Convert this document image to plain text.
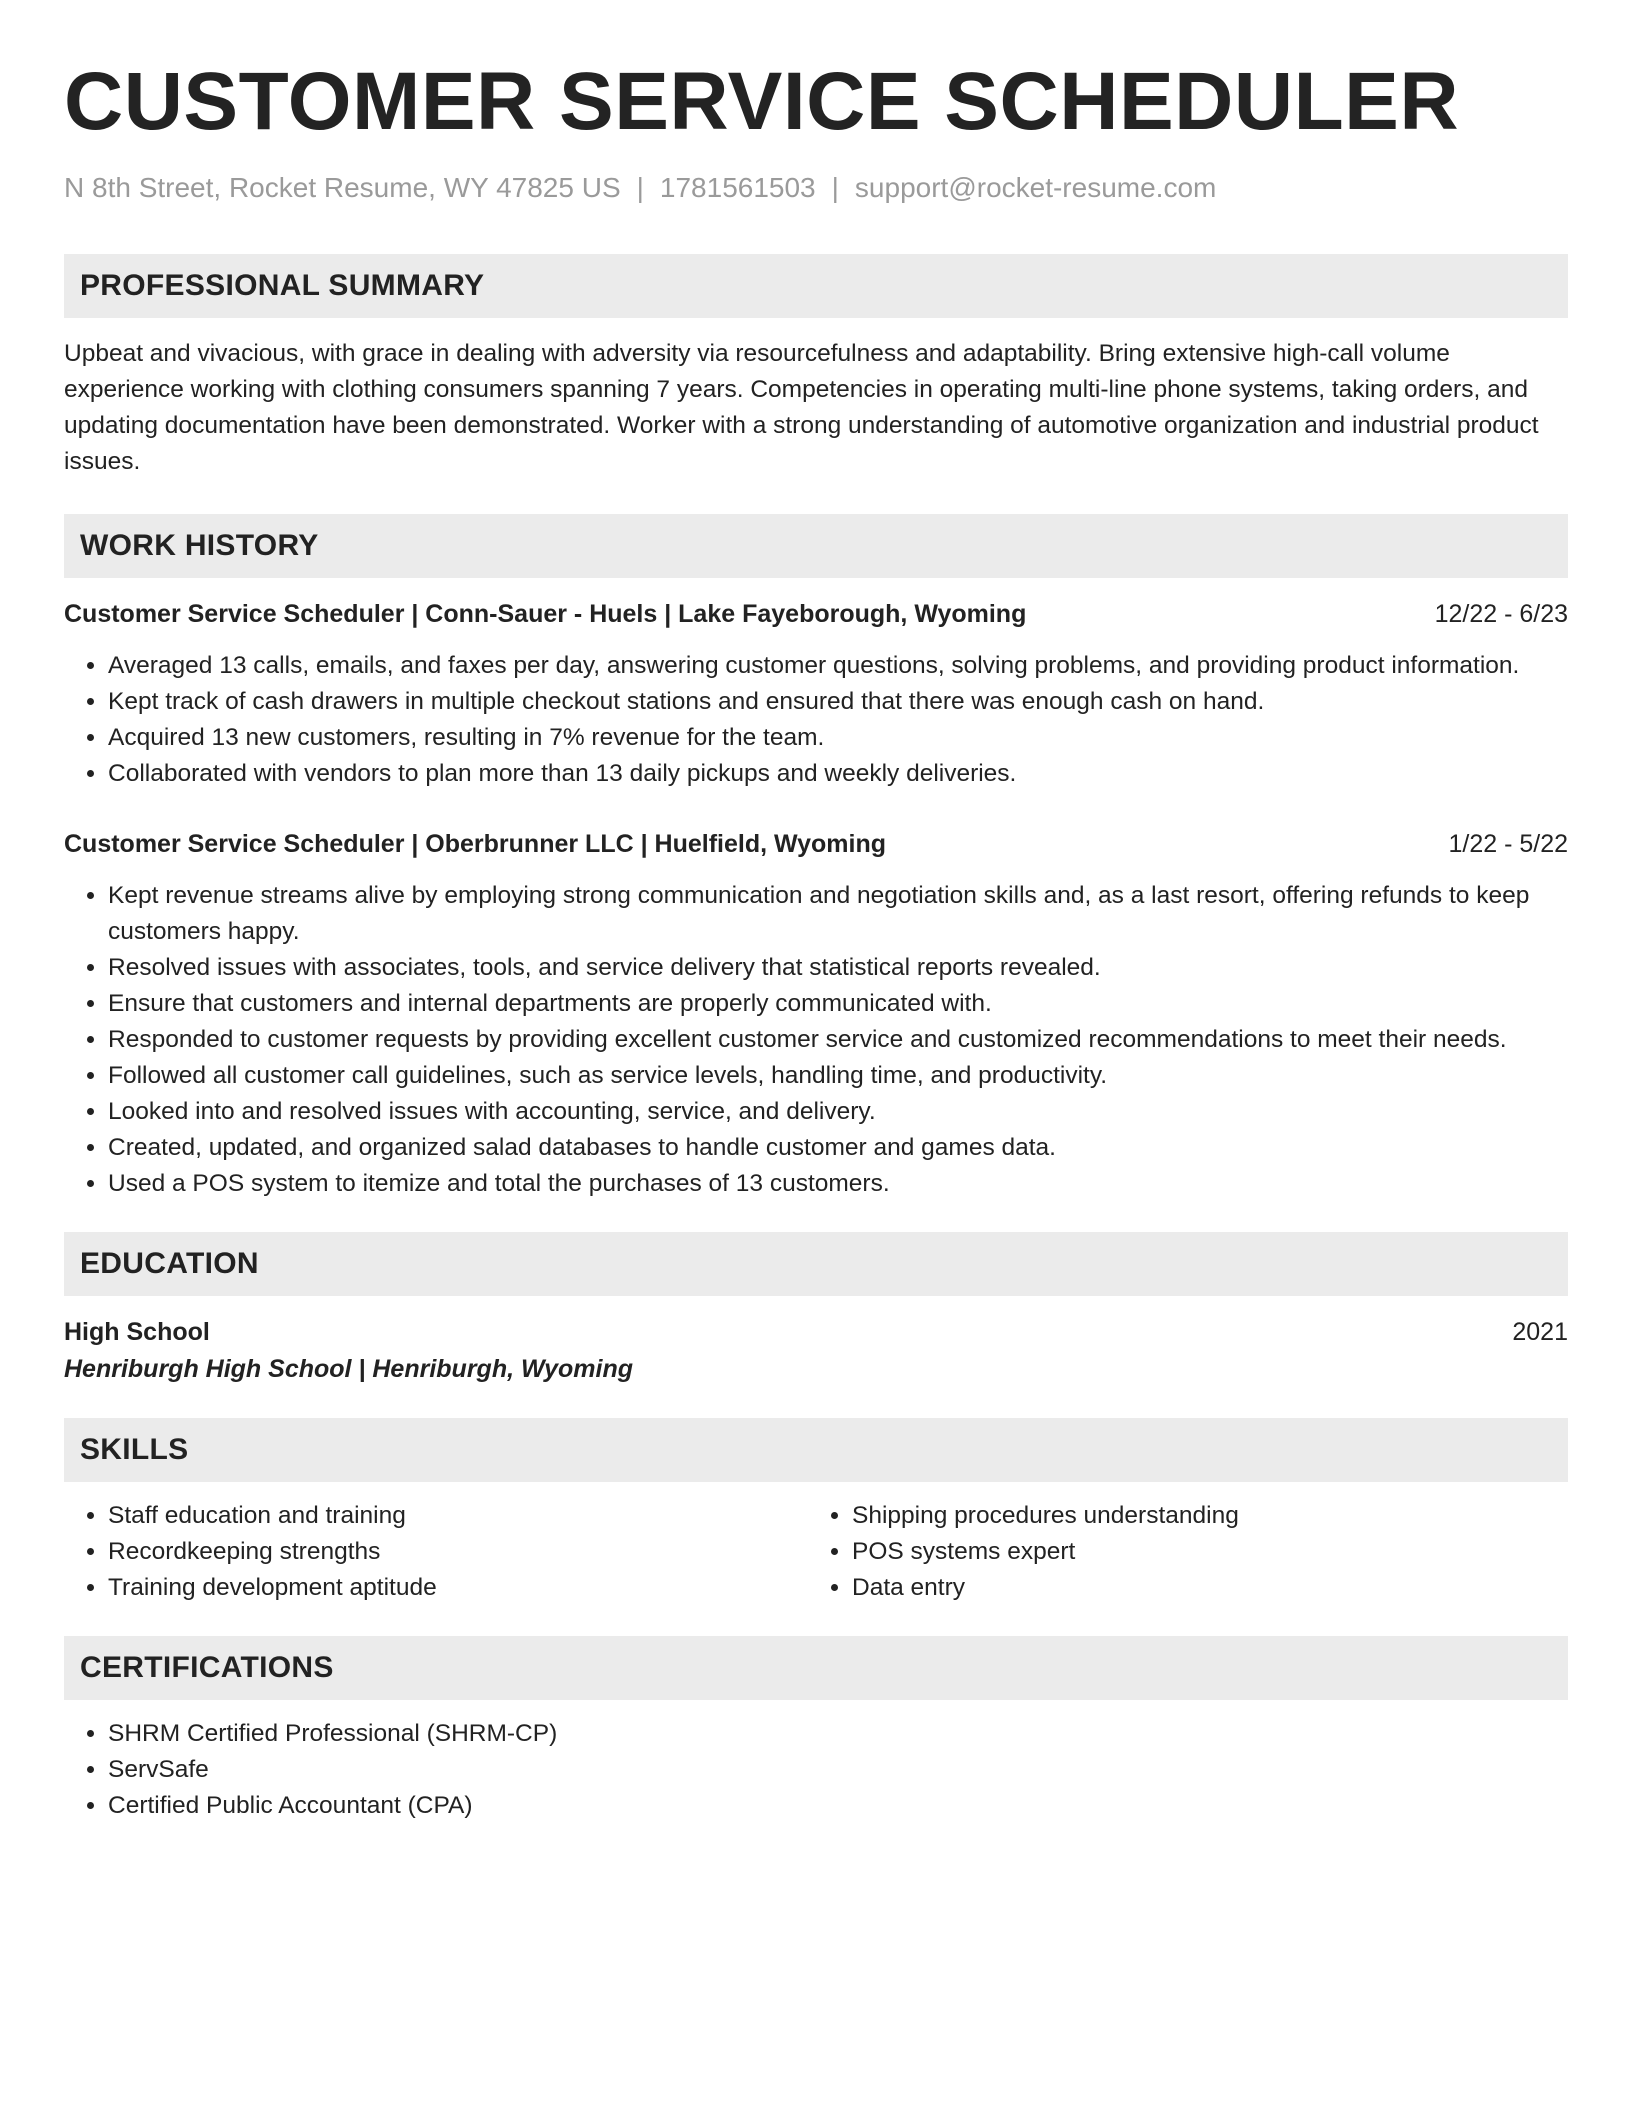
CUSTOMER SERVICE SCHEDULER
N 8th Street, Rocket Resume, WY 47825 US | 1781561503 | support@rocket-resume.com
PROFESSIONAL SUMMARY

Upbeat and vivacious, with grace in dealing with adversity via resourcefulness and adaptability. Bring extensive high-call volume experience working with clothing consumers spanning 7 years. Competencies in operating multi-line phone systems, taking orders, and updating documentation have been demonstrated. Worker with a strong understanding of automotive organization and industrial product issues.

WORK HISTORY
Customer Service Scheduler | Conn-Sauer - Huels | Lake Fayeborough, Wyoming	12/22 - 6/23
• Averaged 13 calls, emails, and faxes per day, answering customer questions, solving problems, and providing product information.
• Kept track of cash drawers in multiple checkout stations and ensured that there was enough cash on hand.
• Acquired 13 new customers, resulting in 7% revenue for the team.
• Collaborated with vendors to plan more than 13 daily pickups and weekly deliveries.
Customer Service Scheduler | Oberbrunner LLC | Huelfield, Wyoming	1/22 - 5/22
• Kept revenue streams alive by employing strong communication and negotiation skills and, as a last resort, offering refunds to keep customers happy.
• Resolved issues with associates, tools, and service delivery that statistical reports revealed.
• Ensure that customers and internal departments are properly communicated with.
• Responded to customer requests by providing excellent customer service and customized recommendations to meet their needs.
• Followed all customer call guidelines, such as service levels, handling time, and productivity.
• Looked into and resolved issues with accounting, service, and delivery.
• Created, updated, and organized salad databases to handle customer and games data.
• Used a POS system to itemize and total the purchases of 13 customers.
EDUCATION
High School	2021
Henriburgh High School | Henriburgh, Wyoming
SKILLS
• Staff education and training
• Recordkeeping strengths
• Training development aptitude
• Shipping procedures understanding
• POS systems expert
• Data entry
CERTIFICATIONS
• SHRM Certified Professional (SHRM-CP)
• ServSafe
• Certified Public Accountant (CPA)
